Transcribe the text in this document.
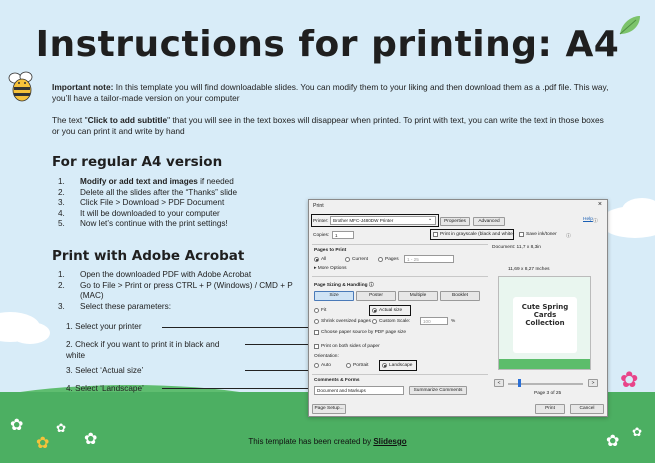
✿
✿
✿
✿	✿
✿
✿
Instructions for printing: A4
Important note: In this template you will find downloadable slides. You can modify them to your liking and then download them as a .pdf file. This way, you’ll have a tailor-made version on your computer
The text "Click to add subtitle" that you will see in the text boxes will disappear when printed. To print with text, you can write the text in those boxes or you can print it and write by hand
For regular A4 version
1.	Modify or add text and images if needed
2.	Delete all the slides after the “Thanks” slide
3.	Click File > Download > PDF Document
4.	It will be downloaded to your computer
5.	Now let’s continue with the print settings!
Print with Adobe Acrobat
1.	Open the downloaded PDF with Adobe Acrobat
2.	Go to File > Print or press CTRL + P (Windows) / CMD + P (MAC)
3.	Select these parameters:
1. Select your printer
2. Check if you want to print it in black and white
3. Select ‘Actual size’
4. Select ‘Landscape’
Print	×
Printer: Brother MFC-J480DW Printer	⌄	Properties	Advanced	Help ⓘ
Copies:	1	Print in grayscale (black and white) Save ink/toner ⓘ
Pages to Print
All	Current	Pages	1 - 25
▸ More Options
Page Sizing & Handling ⓘ
Size	Poster	Multiple	Booklet
Fit	Actual size
Shrink oversized pages Custom Scale:	100	%
Choose paper source by PDF page size
Print on both sides of paper
Orientation:
Auto	Portrait	Landscape
Comments & Forms
Document and Markups	Summarize Comments
Page Setup...
Document: 11,7 x 8,3in
11,69 x 8,27 Inches
Cute Spring Cards Collection
<	>
Page 3 of 25
Print	Cancel
This template has been created by Slidesgo
